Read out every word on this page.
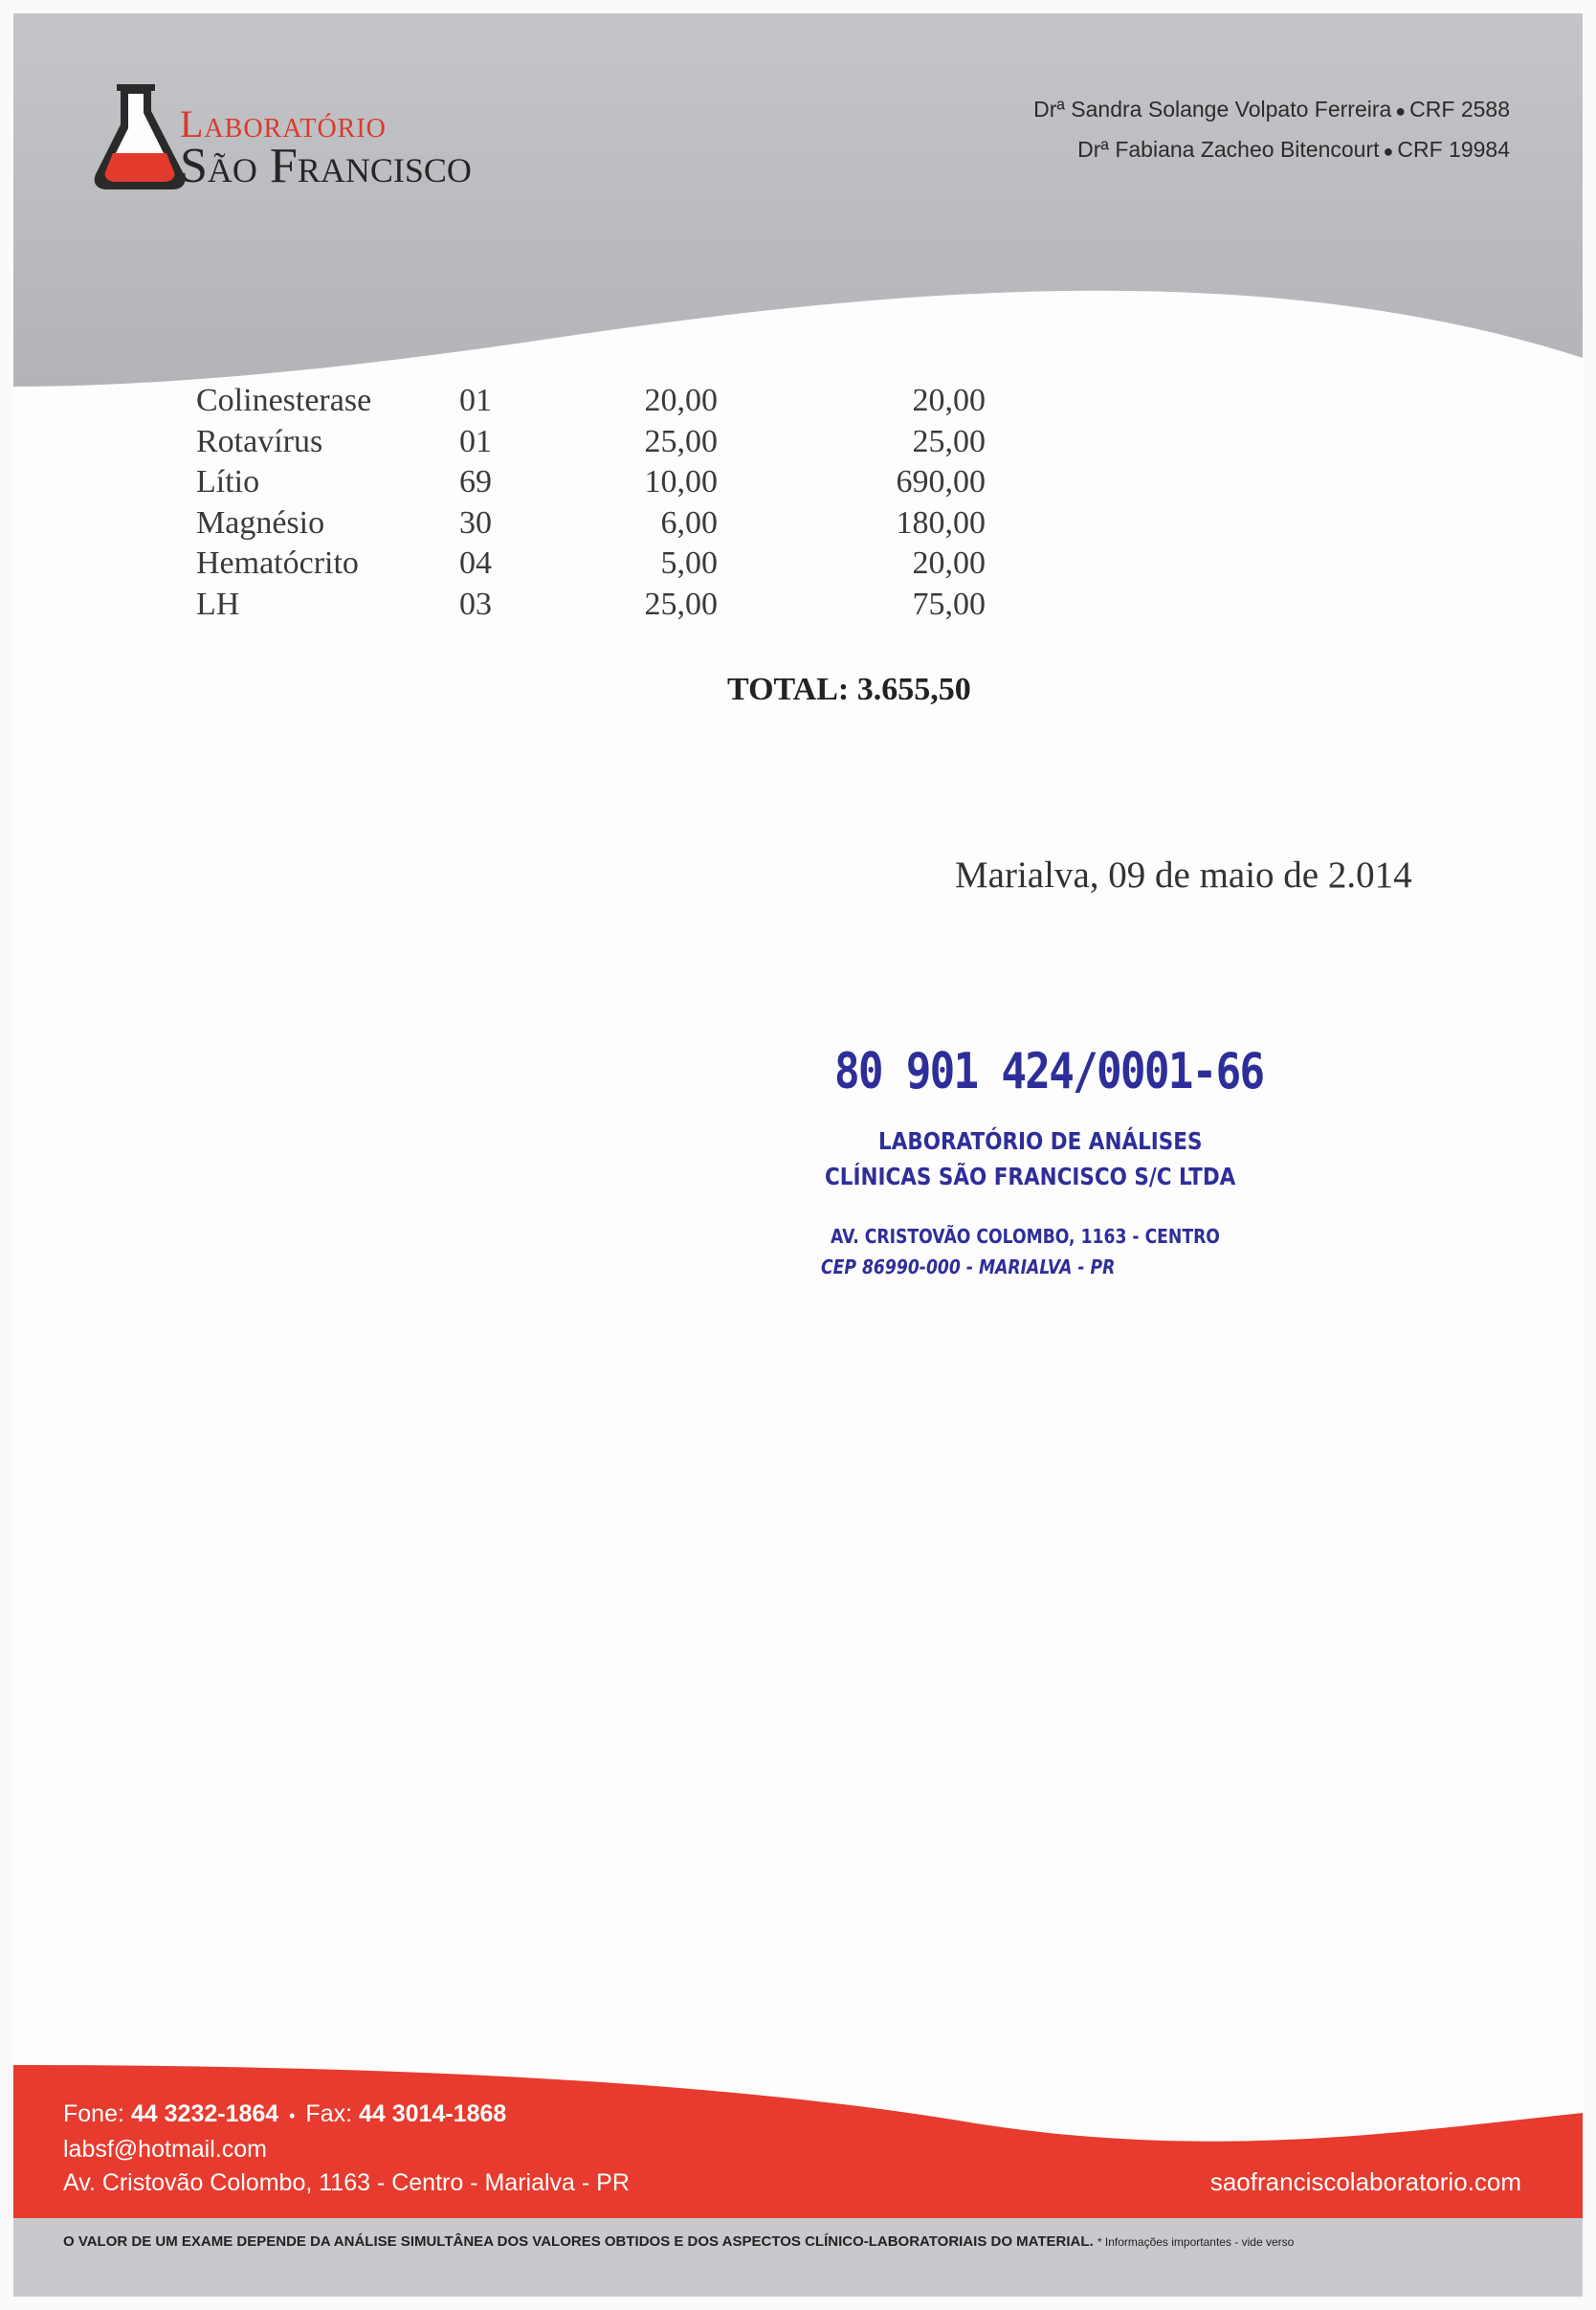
Laboratório
São Francisco
Drª Sandra Solange Volpato Ferreira ● CRF 2588
Drª Fabiana Zacheo Bitencourt ● CRF 19984
Colinesterase	01	20,00	20,00
Rotavírus	01	25,00	25,00
Lítio	69	10,00	690,00
Magnésio	30	6,00	180,00
Hematócrito	04	5,00	20,00
LH	03	25,00	75,00
TOTAL: 3.655,50
Marialva, 09 de maio de 2.014
80 901 424/0001-66
LABORATÓRIO DE ANÁLISES
CLÍNICAS SÃO FRANCISCO S/C LTDA
AV. CRISTOVÃO COLOMBO, 1163 - CENTRO
CEP 86990-000 - MARIALVA - PR
Fone: 44 3232-1864 • Fax: 44 3014-1868
labsf@hotmail.com
Av. Cristovão Colombo, 1163 - Centro - Marialva - PR	saofranciscolaboratorio.com
O VALOR DE UM EXAME DEPENDE DA ANÁLISE SIMULTÂNEA DOS VALORES OBTIDOS E DOS ASPECTOS CLÍNICO-LABORATORIAIS DO MATERIAL. * Informações importantes - vide verso
